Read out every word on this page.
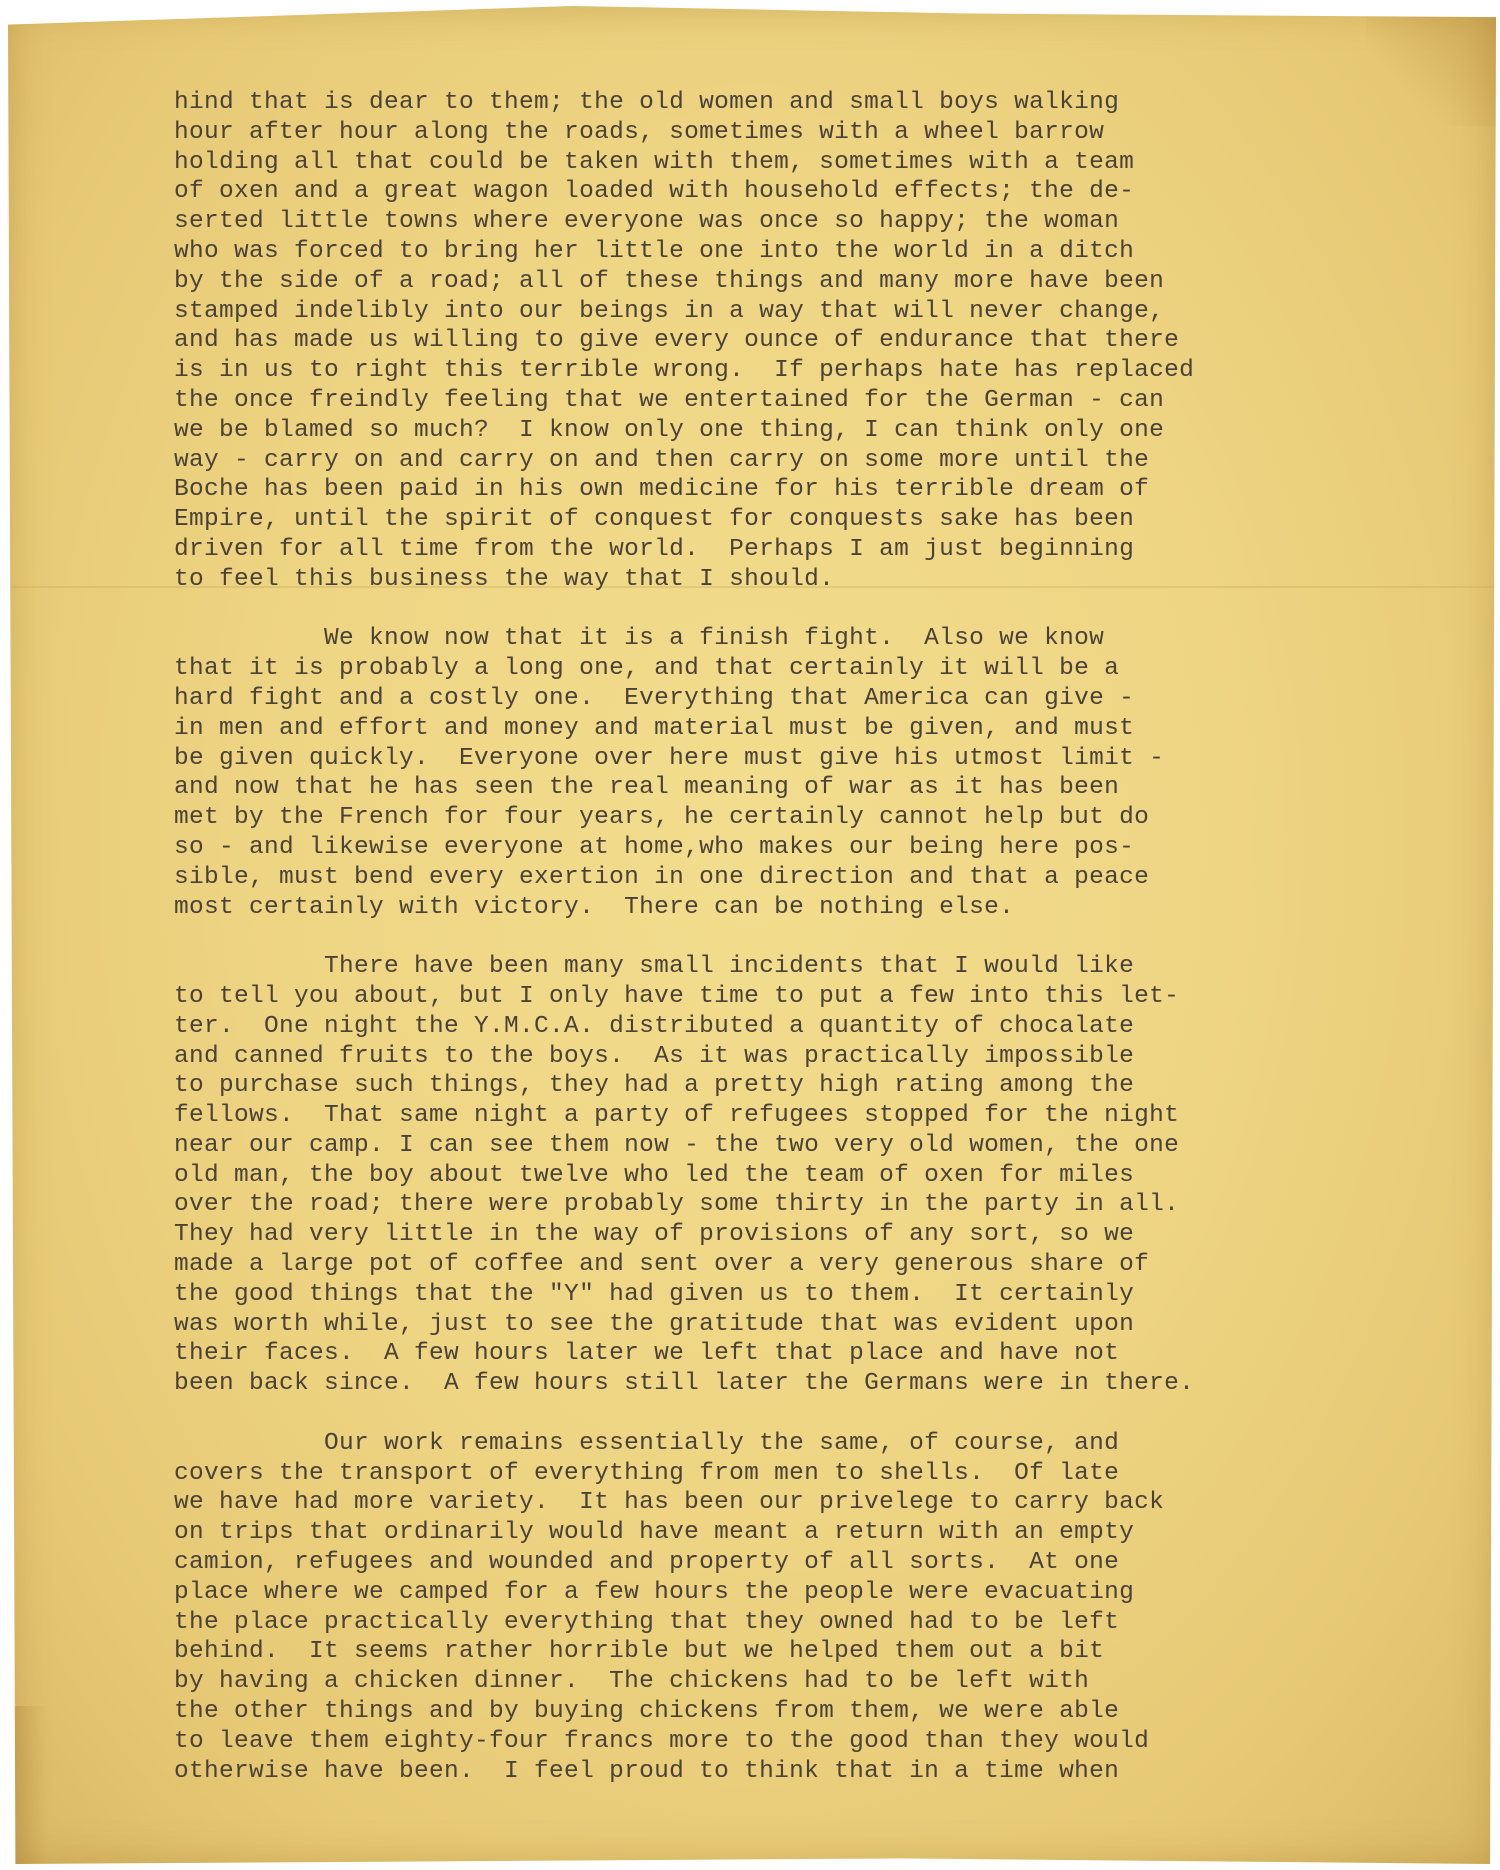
hind that is dear to them; the old women and small boys walking
hour after hour along the roads, sometimes with a wheel barrow
holding all that could be taken with them, sometimes with a team
of oxen and a great wagon loaded with household effects; the de-
serted little towns where everyone was once so happy; the woman
who was forced to bring her little one into the world in a ditch
by the side of a road; all of these things and many more have been
stamped indelibly into our beings in a way that will never change,
and has made us willing to give every ounce of endurance that there
is in us to right this terrible wrong.  If perhaps hate has replaced
the once freindly feeling that we entertained for the German - can
we be blamed so much?  I know only one thing, I can think only one
way - carry on and carry on and then carry on some more until the
Boche has been paid in his own medicine for his terrible dream of
Empire, until the spirit of conquest for conquests sake has been
driven for all time from the world.  Perhaps I am just beginning
to feel this business the way that I should.
We know now that it is a finish fight.  Also we know
that it is probably a long one, and that certainly it will be a
hard fight and a costly one.  Everything that America can give -
in men and effort and money and material must be given, and must
be given quickly.  Everyone over here must give his utmost limit -
and now that he has seen the real meaning of war as it has been
met by the French for four years, he certainly cannot help but do
so - and likewise everyone at home,who makes our being here pos-
sible, must bend every exertion in one direction and that a peace
most certainly with victory.  There can be nothing else.
There have been many small incidents that I would like
to tell you about, but I only have time to put a few into this let-
ter.  One night the Y.M.C.A. distributed a quantity of chocalate
and canned fruits to the boys.  As it was practically impossible
to purchase such things, they had a pretty high rating among the
fellows.  That same night a party of refugees stopped for the night
near our camp. I can see them now - the two very old women, the one
old man, the boy about twelve who led the team of oxen for miles
over the road; there were probably some thirty in the party in all.
They had very little in the way of provisions of any sort, so we
made a large pot of coffee and sent over a very generous share of
the good things that the "Y" had given us to them.  It certainly
was worth while, just to see the gratitude that was evident upon
their faces.  A few hours later we left that place and have not
been back since.  A few hours still later the Germans were in there.
Our work remains essentially the same, of course, and
covers the transport of everything from men to shells.  Of late
we have had more variety.  It has been our privelege to carry back
on trips that ordinarily would have meant a return with an empty
camion, refugees and wounded and property of all sorts.  At one
place where we camped for a few hours the people were evacuating
the place practically everything that they owned had to be left
behind.  It seems rather horrible but we helped them out a bit
by having a chicken dinner.  The chickens had to be left with
the other things and by buying chickens from them, we were able
to leave them eighty-four francs more to the good than they would
otherwise have been.  I feel proud to think that in a time when
